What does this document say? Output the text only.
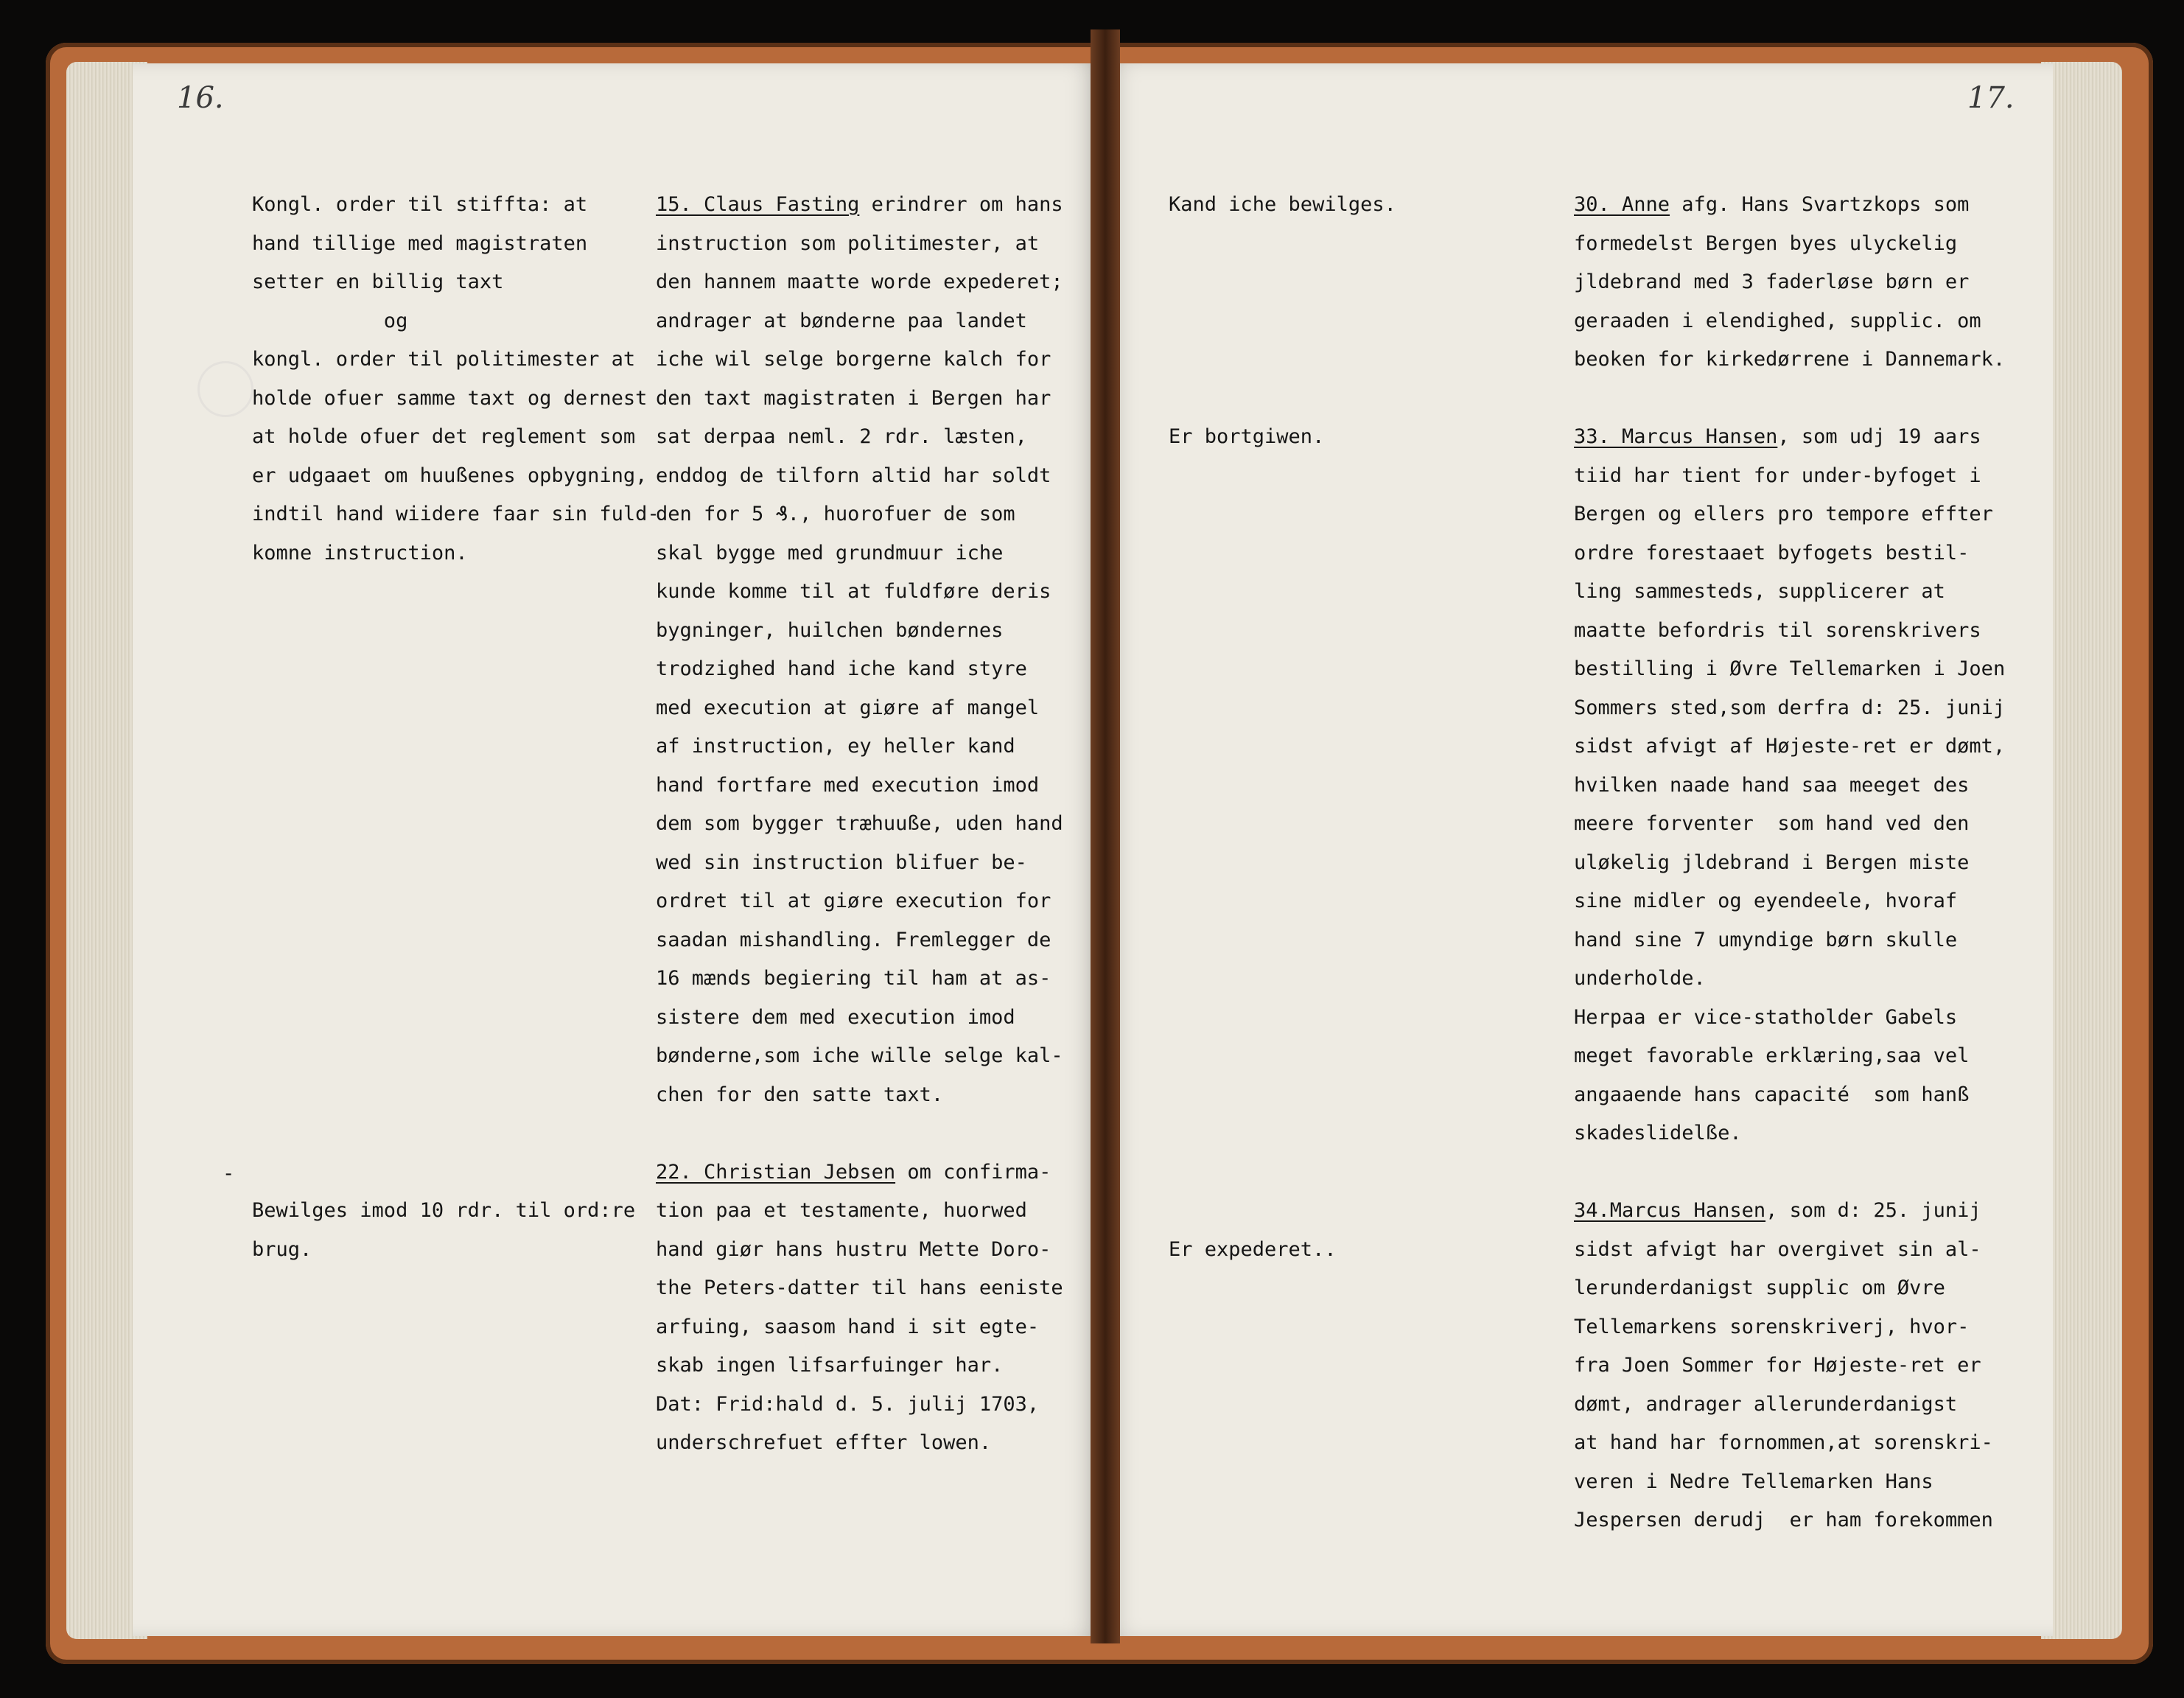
16.	17.
Kongl. order til stiffta: at
hand tillige med magistraten
setter en billig taxt
og
kongl. order til politimester at
holde ofuer samme taxt og dernest
at holde ofuer det reglement som
er udgaaet om huußenes opbygning,
indtil hand wiidere faar sin fuld-
komne instruction.
Bewilges imod 10 rdr. til ord:re
brug.
15. Claus Fasting erindrer om hans
instruction som politimester, at
den hannem maatte worde expederet;
andrager at bønderne paa landet
iche wil selge borgerne kalch for
den taxt magistraten i Bergen har
sat derpaa neml. 2 rdr. læsten,
enddog de tilforn altid har soldt
den for 5 ₰., huorofuer de som
skal bygge med grundmuur iche
kunde komme til at fuldføre deris
bygninger, huilchen bøndernes
trodzighed hand iche kand styre
med execution at giøre af mangel
af instruction, ey heller kand
hand fortfare med execution imod
dem som bygger træhuuße, uden hand
wed sin instruction blifuer be-
ordret til at giøre execution for
saadan mishandling. Fremlegger de
16 mænds begiering til ham at as-
sistere dem med execution imod
bønderne,som iche wille selge kal-
chen for den satte taxt.
22. Christian Jebsen om confirma-
tion paa et testamente, huorwed
hand giør hans hustru Mette Doro-
the Peters-datter til hans eeniste
arfuing, saasom hand i sit egte-
skab ingen lifsarfuinger har.
Dat: Frid:hald d. 5. julij 1703,
underschrefuet effter lowen.
Kand iche bewilges.
Er bortgiwen.
Er expederet..
30. Anne afg. Hans Svartzkops som
formedelst Bergen byes ulyckelig
jldebrand med 3 faderløse børn er
geraaden i elendighed, supplic. om
beoken for kirkedørrene i Dannemark.
33. Marcus Hansen, som udj 19 aars
tiid har tient for under-byfoget i
Bergen og ellers pro tempore effter
ordre forestaaet byfogets bestil-
ling sammesteds, supplicerer at
maatte befordris til sorenskrivers
bestilling i Øvre Tellemarken i Joen
Sommers sted,som derfra d: 25. junij
sidst afvigt af Højeste-ret er dømt,
hvilken naade hand saa meeget des
meere forventer  som hand ved den
uløkelig jldebrand i Bergen miste
sine midler og eyendeele, hvoraf
hand sine 7 umyndige børn skulle
underholde.
Herpaa er vice-statholder Gabels
meget favorable erklæring,saa vel
angaaende hans capacité  som hanß
skadeslidelße.
34.Marcus Hansen, som d: 25. junij
sidst afvigt har overgivet sin al-
lerunderdanigst supplic om Øvre
Tellemarkens sorenskriverj, hvor-
fra Joen Sommer for Højeste-ret er
dømt, andrager allerunderdanigst
at hand har fornommen,at sorenskri-
veren i Nedre Tellemarken Hans
Jespersen derudj  er ham forekommen
-
